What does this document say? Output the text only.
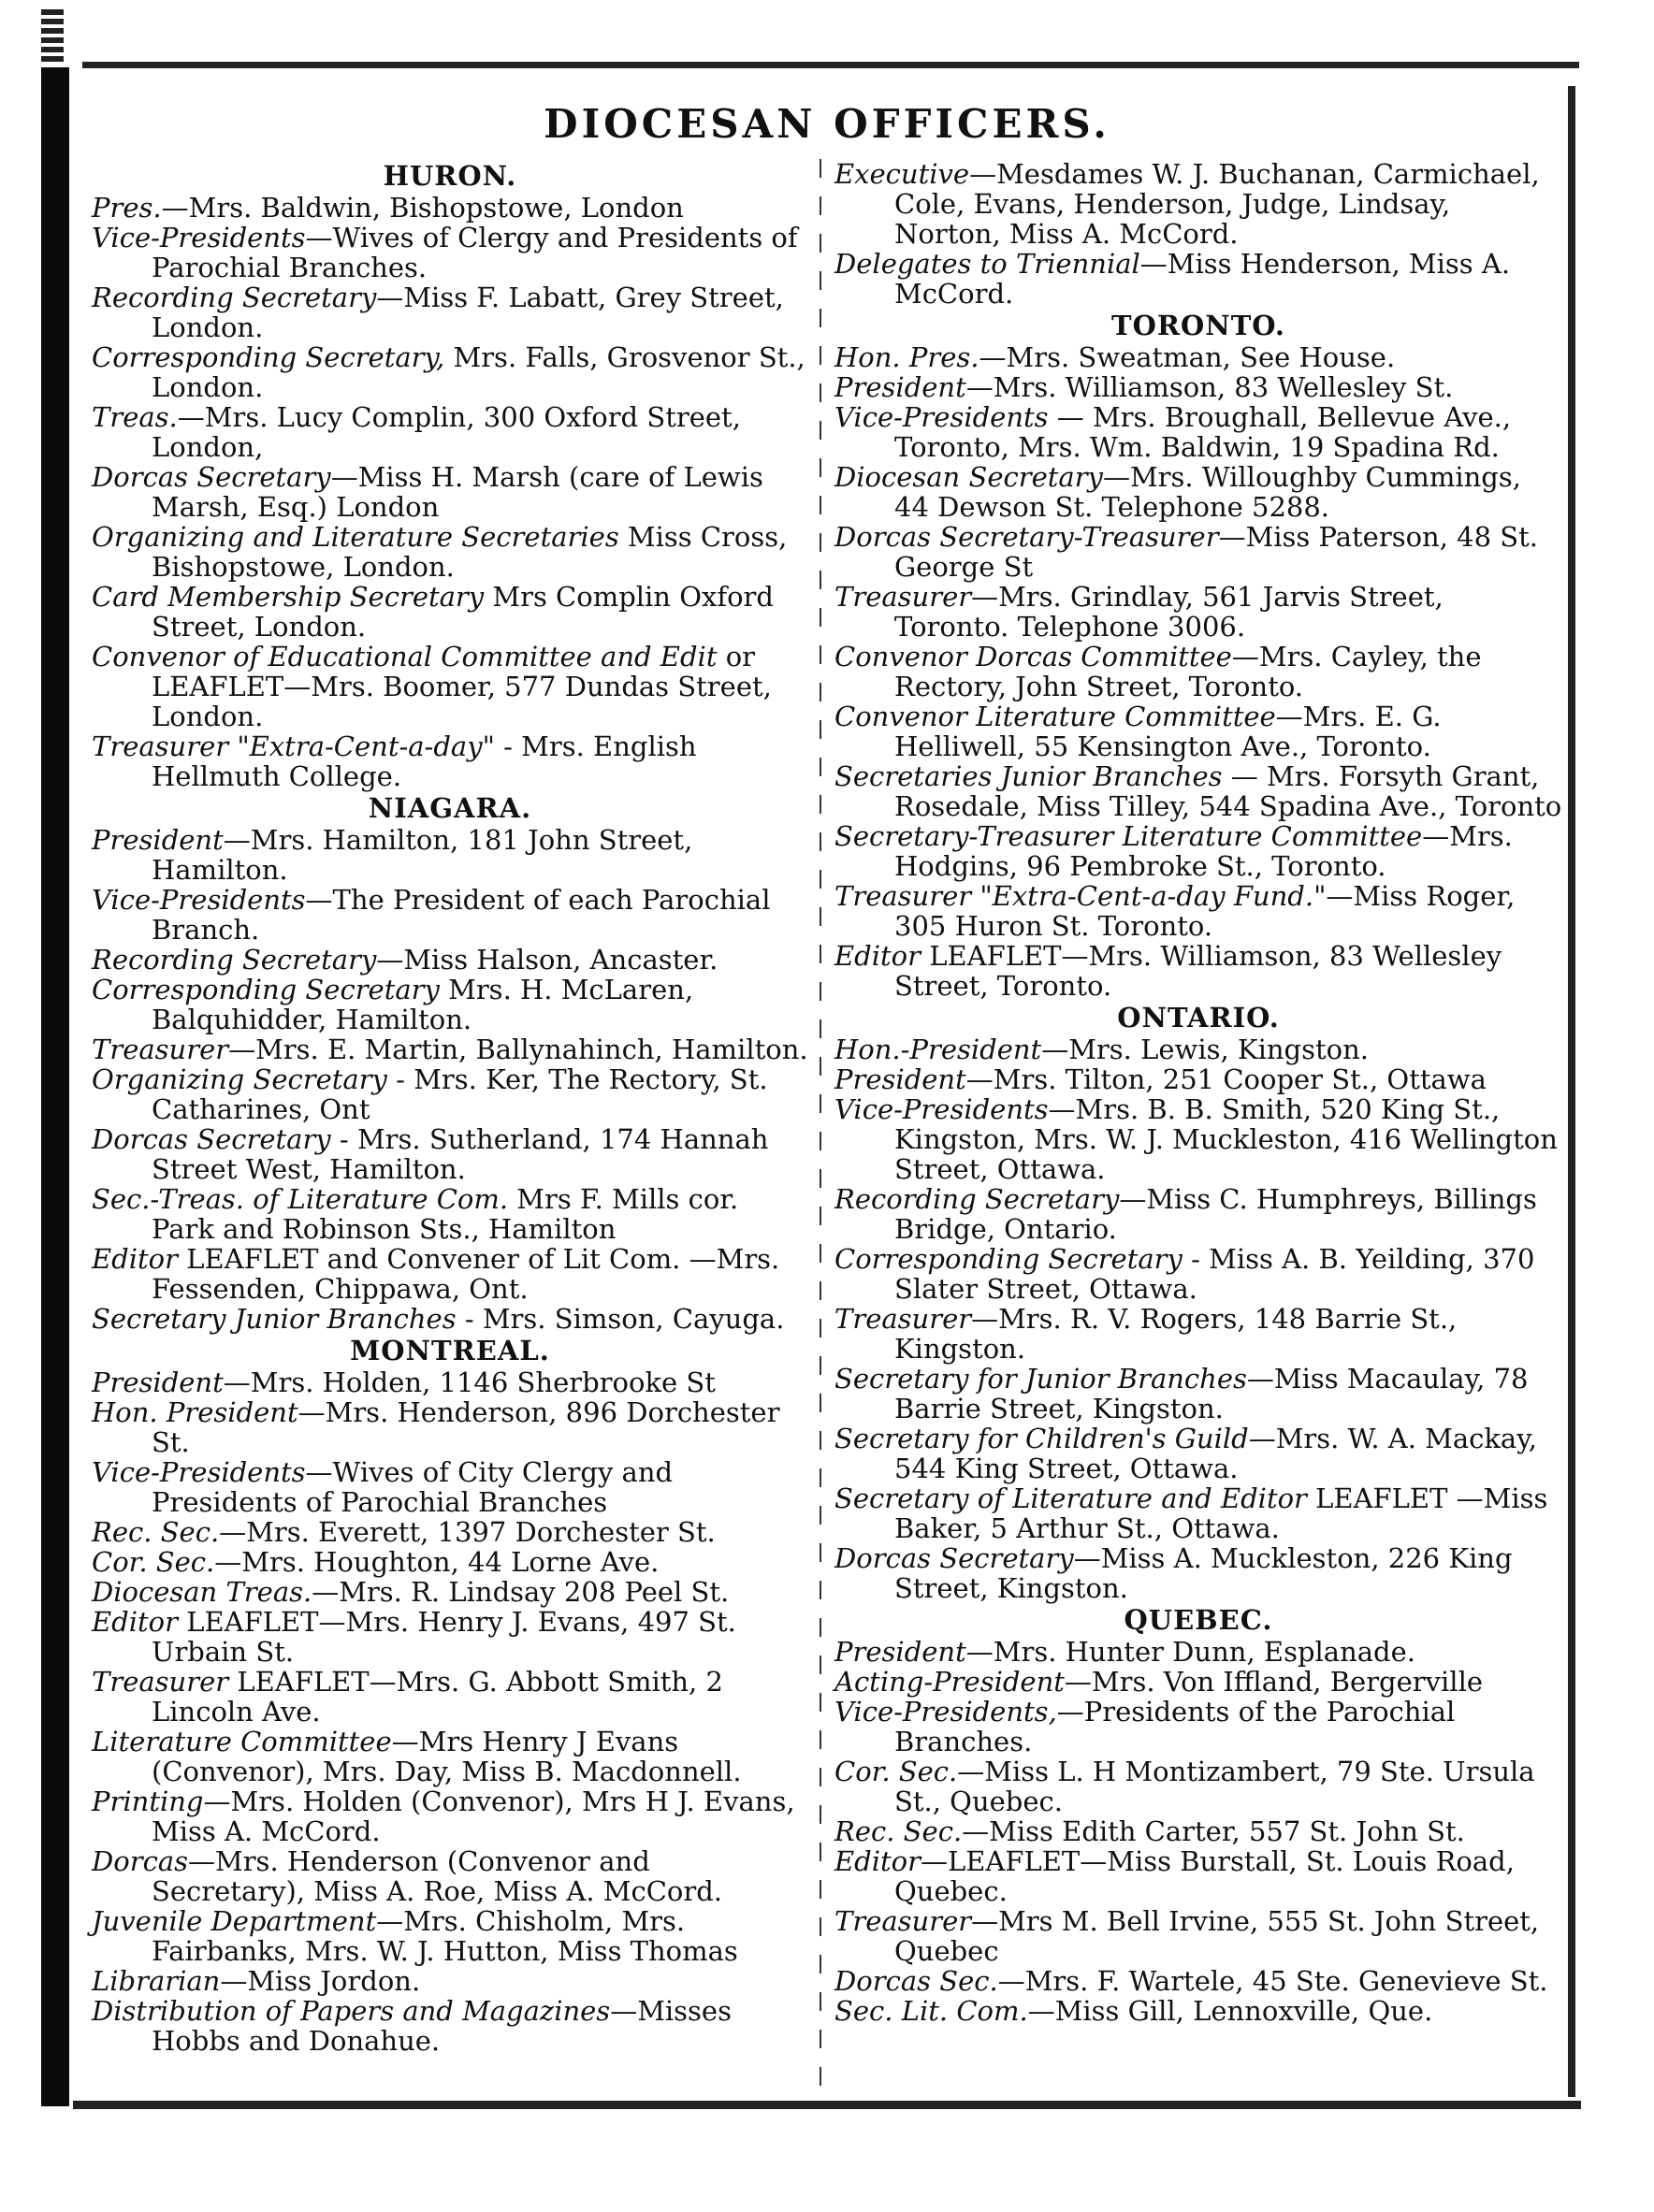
DIOCESAN OFFICERS.
HURON.
Pres.—Mrs. Baldwin, Bishopstowe, London
Vice-Presidents—Wives of Clergy and Presidents of Parochial Branches.
Recording Secretary—Miss F. Labatt, Grey Street, London.
Corresponding Secretary, Mrs. Falls, Grosvenor St., London.
Treas.—Mrs. Lucy Complin, 300 Oxford Street, London,
Dorcas Secretary—Miss H. Marsh (care of Lewis Marsh, Esq.) London
Organizing and Literature Secretaries Miss Cross, Bishopstowe, London.
Card Membership Secretary Mrs Complin Oxford Street, London.
Convenor of Educational Committee and Edit or LEAFLET—Mrs. Boomer, 577 Dundas Street, London.
Treasurer "Extra-Cent-a-day" - Mrs. English Hellmuth College.
NIAGARA.
President—Mrs. Hamilton, 181 John Street, Hamilton.
Vice-Presidents—The President of each Parochial Branch.
Recording Secretary—Miss Halson, Ancaster.
Corresponding Secretary Mrs. H. McLaren, Balquhidder, Hamilton.
Treasurer—Mrs. E. Martin, Ballynahinch, Hamilton.
Organizing Secretary - Mrs. Ker, The Rectory, St. Catharines, Ont
Dorcas Secretary - Mrs. Sutherland, 174 Hannah Street West, Hamilton.
Sec.-Treas. of Literature Com. Mrs F. Mills cor. Park and Robinson Sts., Hamilton
Editor LEAFLET and Convener of Lit Com. —Mrs. Fessenden, Chippawa, Ont.
Secretary Junior Branches - Mrs. Simson, Cayuga.
MONTREAL.
President—Mrs. Holden, 1146 Sherbrooke St
Hon. President—Mrs. Henderson, 896 Dorchester St.
Vice-Presidents—Wives of City Clergy and Presidents of Parochial Branches
Rec. Sec.—Mrs. Everett, 1397 Dorchester St.
Cor. Sec.—Mrs. Houghton, 44 Lorne Ave.
Diocesan Treas.—Mrs. R. Lindsay 208 Peel St.
Editor LEAFLET—Mrs. Henry J. Evans, 497 St. Urbain St.
Treasurer LEAFLET—Mrs. G. Abbott Smith, 2 Lincoln Ave.
Literature Committee—Mrs Henry J Evans (Convenor), Mrs. Day, Miss B. Macdonnell.
Printing—Mrs. Holden (Convenor), Mrs H J. Evans, Miss A. McCord.
Dorcas—Mrs. Henderson (Convenor and Secretary), Miss A. Roe, Miss A. McCord.
Juvenile Department—Mrs. Chisholm, Mrs. Fairbanks, Mrs. W. J. Hutton, Miss Thomas
Librarian—Miss Jordon.
Distribution of Papers and Magazines—Misses Hobbs and Donahue.
Executive—Mesdames W. J. Buchanan, Carmichael, Cole, Evans, Henderson, Judge, Lindsay, Norton, Miss A. McCord.
Delegates to Triennial—Miss Henderson, Miss A. McCord.
TORONTO.
Hon. Pres.—Mrs. Sweatman, See House.
President—Mrs. Williamson, 83 Wellesley St.
Vice-Presidents — Mrs. Broughall, Bellevue Ave., Toronto, Mrs. Wm. Baldwin, 19 Spadina Rd.
Diocesan Secretary—Mrs. Willoughby Cummings, 44 Dewson St. Telephone 5288.
Dorcas Secretary-Treasurer—Miss Paterson, 48 St. George St
Treasurer—Mrs. Grindlay, 561 Jarvis Street, Toronto. Telephone 3006.
Convenor Dorcas Committee—Mrs. Cayley, the Rectory, John Street, Toronto.
Convenor Literature Committee—Mrs. E. G. Helliwell, 55 Kensington Ave., Toronto.
Secretaries Junior Branches — Mrs. Forsyth Grant, Rosedale, Miss Tilley, 544 Spadina Ave., Toronto
Secretary-Treasurer Literature Committee—Mrs. Hodgins, 96 Pembroke St., Toronto.
Treasurer "Extra-Cent-a-day Fund."—Miss Roger, 305 Huron St. Toronto.
Editor LEAFLET—Mrs. Williamson, 83 Wellesley Street, Toronto.
ONTARIO.
Hon.-President—Mrs. Lewis, Kingston.
President—Mrs. Tilton, 251 Cooper St., Ottawa
Vice-Presidents—Mrs. B. B. Smith, 520 King St., Kingston, Mrs. W. J. Muckleston, 416 Wellington Street, Ottawa.
Recording Secretary—Miss C. Humphreys, Billings Bridge, Ontario.
Corresponding Secretary - Miss A. B. Yeilding, 370 Slater Street, Ottawa.
Treasurer—Mrs. R. V. Rogers, 148 Barrie St., Kingston.
Secretary for Junior Branches—Miss Macaulay, 78 Barrie Street, Kingston.
Secretary for Children's Guild—Mrs. W. A. Mackay, 544 King Street, Ottawa.
Secretary of Literature and Editor LEAFLET —Miss Baker, 5 Arthur St., Ottawa.
Dorcas Secretary—Miss A. Muckleston, 226 King Street, Kingston.
QUEBEC.
President—Mrs. Hunter Dunn, Esplanade.
Acting-President—Mrs. Von Iffland, Bergerville
Vice-Presidents,—Presidents of the Parochial Branches.
Cor. Sec.—Miss L. H Montizambert, 79 Ste. Ursula St., Quebec.
Rec. Sec.—Miss Edith Carter, 557 St. John St.
Editor—LEAFLET—Miss Burstall, St. Louis Road, Quebec.
Treasurer—Mrs M. Bell Irvine, 555 St. John Street, Quebec
Dorcas Sec.—Mrs. F. Wartele, 45 Ste. Genevieve St.
Sec. Lit. Com.—Miss Gill, Lennoxville, Que.
